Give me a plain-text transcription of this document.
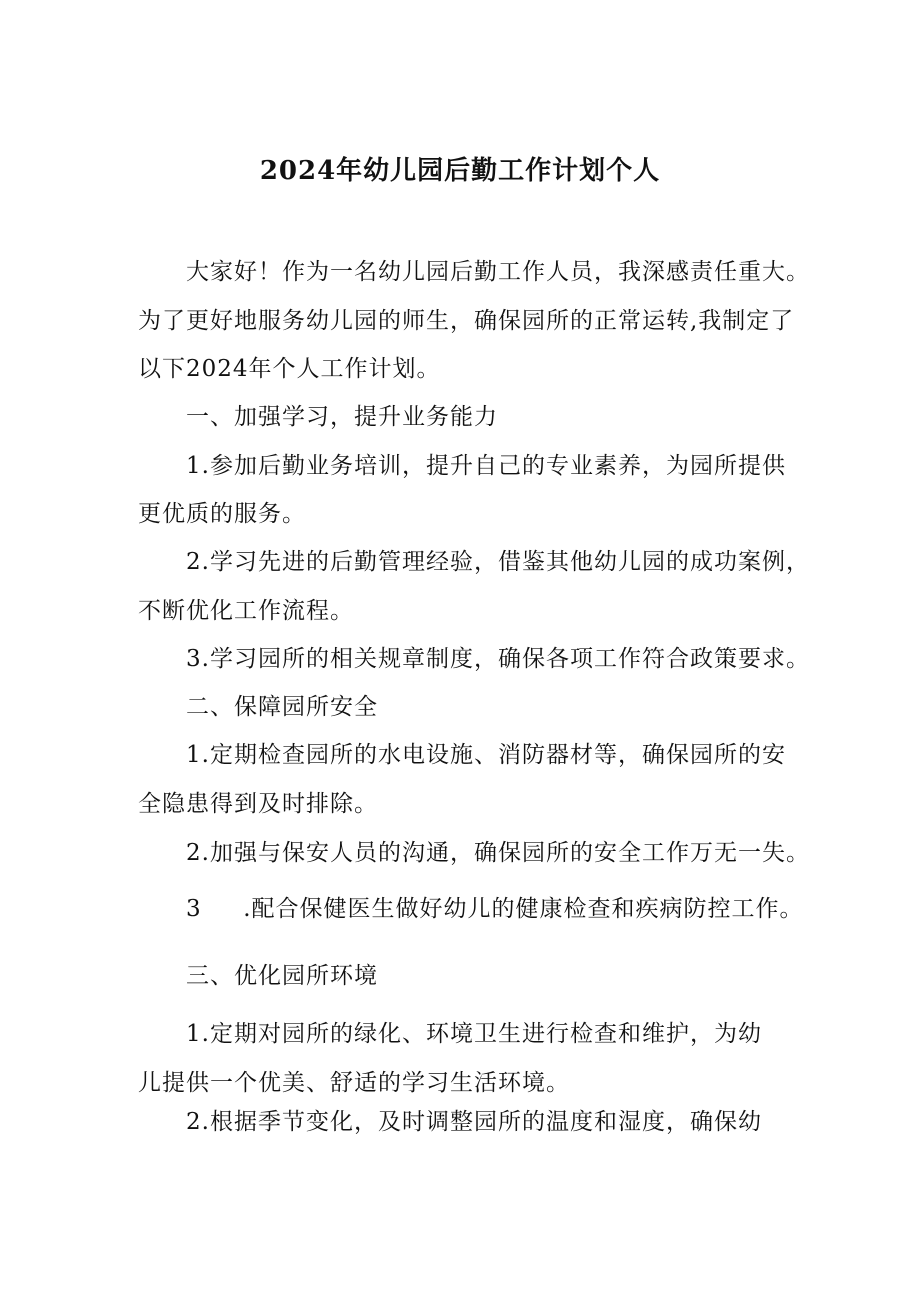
2024年幼儿园后勤工作计划个人
大家好！作为一名幼儿园后勤工作人员，我深感责任重大。
为了更好地服务幼儿园的师生，确保园所的正常运转,我制定了
以下2024年个人工作计划。
一、加强学习，提升业务能力
1.参加后勤业务培训，提升自己的专业素养，为园所提供
更优质的服务。
2.学习先进的后勤管理经验，借鉴其他幼儿园的成功案例，
不断优化工作流程。
3.学习园所的相关规章制度，确保各项工作符合政策要求。
二、保障园所安全
1.定期检查园所的水电设施、消防器材等，确保园所的安
全隐患得到及时排除。
2.加强与保安人员的沟通，确保园所的安全工作万无一失。
3     .配合保健医生做好幼儿的健康检查和疾病防控工作。
三、优化园所环境
1.定期对园所的绿化、环境卫生进行检查和维护，为幼
儿提供一个优美、舒适的学习生活环境。
2.根据季节变化，及时调整园所的温度和湿度，确保幼
